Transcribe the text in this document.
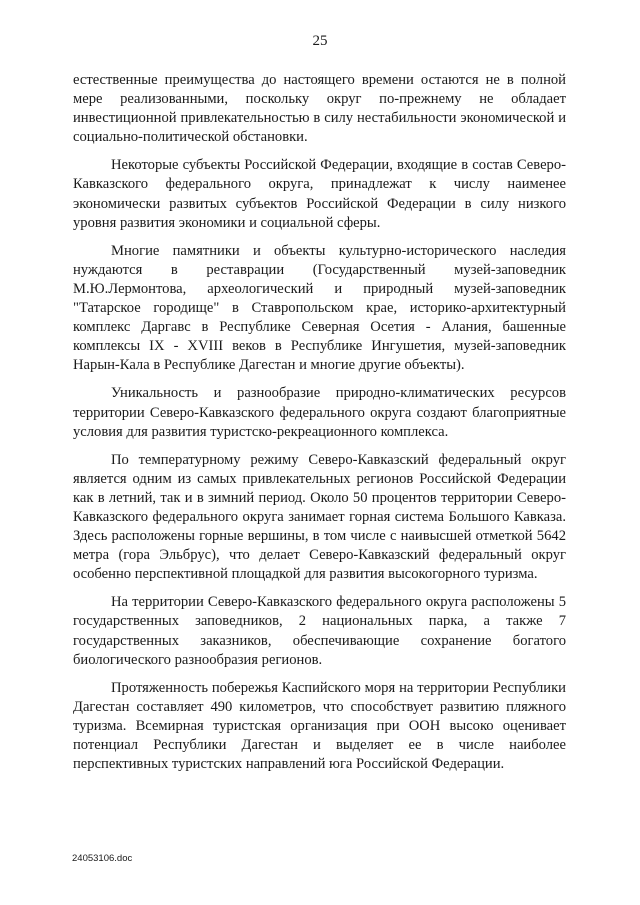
25

естественные преимущества до настоящего времени остаются не в полной мере реализованными, поскольку округ по-прежнему не обладает инвестиционной привлекательностью в силу нестабильности экономической и социально-политической обстановки.

Некоторые субъекты Российской Федерации, входящие в состав Северо-Кавказского федерального округа, принадлежат к числу наименее экономически развитых субъектов Российской Федерации в силу низкого уровня развития экономики и социальной сферы.

Многие памятники и объекты культурно-исторического наследия нуждаются в реставрации (Государственный музей-заповедник М.Ю.Лермонтова, археологический и природный музей-заповедник "Татарское городище" в Ставропольском крае, историко-архитектурный комплекс Даргавс в Республике Северная Осетия - Алания, башенные комплексы IX - XVIII веков в Республике Ингушетия, музей-заповедник Нарын-Кала в Республике Дагестан и многие другие объекты).

Уникальность и разнообразие природно-климатических ресурсов территории Северо-Кавказского федерального округа создают благоприятные условия для развития туристско-рекреационного комплекса.

По температурному режиму Северо-Кавказский федеральный округ является одним из самых привлекательных регионов Российской Федерации как в летний, так и в зимний период. Около 50 процентов территории Северо-Кавказского федерального округа занимает горная система Большого Кавказа. Здесь расположены горные вершины, в том числе с наивысшей отметкой 5642 метра (гора Эльбрус), что делает Северо-Кавказский федеральный округ особенно перспективной площадкой для развития высокогорного туризма.

На территории Северо-Кавказского федерального округа расположены 5 государственных заповедников, 2 национальных парка, а также 7 государственных заказников, обеспечивающие сохранение богатого биологического разнообразия регионов.

Протяженность побережья Каспийского моря на территории Республики Дагестан составляет 490 километров, что способствует развитию пляжного туризма. Всемирная туристская организация при ООН высоко оценивает потенциал Республики Дагестан и выделяет ее в числе наиболее перспективных туристских направлений юга Российской Федерации.

24053106.doc
